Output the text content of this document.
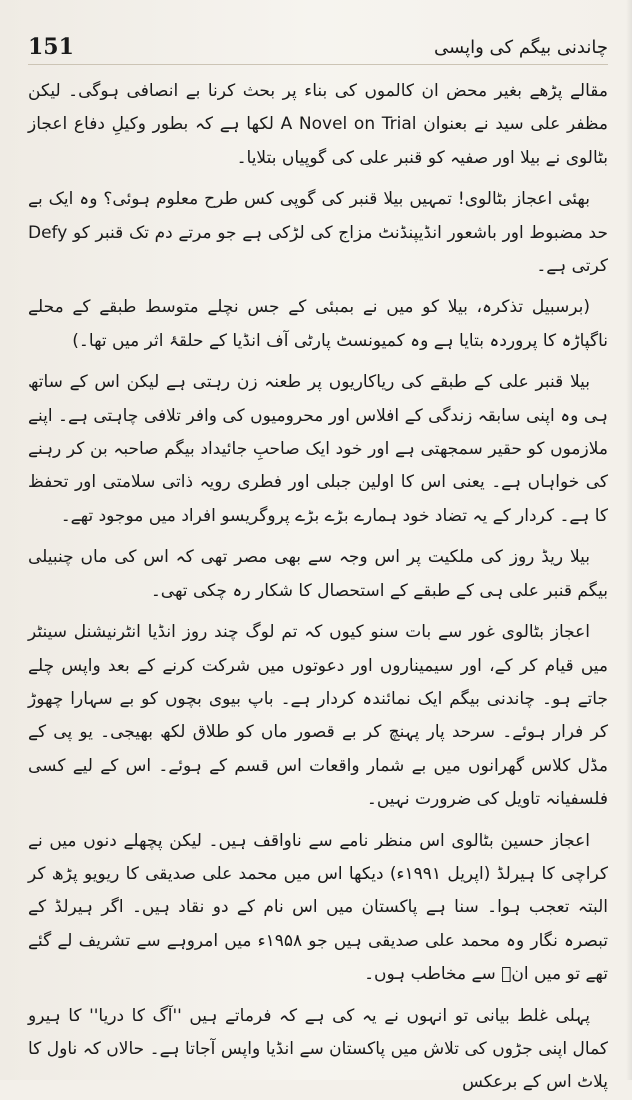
151	چاندنی بیگم کی واپسی

مقالے پڑھے بغیر محض ان کالموں کی بناء پر بحث کرنا بے انصافی ہوگی۔ لیکن مظفر علی سید نے بعنوان A Novel on Trial لکھا ہے کہ بطور وکیلِ دفاع اعجاز بٹالوی نے بیلا اور صفیہ کو قنبر علی کی گوپیاں بتلایا۔

بھئی اعجاز بٹالوی! تمہیں بیلا قنبر کی گوپی کس طرح معلوم ہوئی؟ وہ ایک بے حد مضبوط اور باشعور انڈیپنڈنٹ مزاج کی لڑکی ہے جو مرتے دم تک قنبر کو Defy کرتی ہے۔

(برسبیل تذکرہ، بیلا کو میں نے بمبئی کے جس نچلے متوسط طبقے کے محلے ناگپاڑہ کا پروردہ بتایا ہے وہ کمیونسٹ پارٹی آف انڈیا کے حلقۂ اثر میں تھا۔)

بیلا قنبر علی کے طبقے کی ریاکاریوں پر طعنہ زن رہتی ہے لیکن اس کے ساتھ ہی وہ اپنی سابقہ زندگی کے افلاس اور محرومیوں کی وافر تلافی چاہتی ہے۔ اپنے ملازموں کو حقیر سمجھتی ہے اور خود ایک صاحبِ جائیداد بیگم صاحبہ بن کر رہنے کی خواہاں ہے۔ یعنی اس کا اولین جبلی اور فطری رویہ ذاتی سلامتی اور تحفظ کا ہے۔ کردار کے یہ تضاد خود ہمارے بڑے بڑے پروگریسو افراد میں موجود تھے۔

بیلا ریڈ روز کی ملکیت پر اس وجہ سے بھی مصر تھی کہ اس کی ماں چنبیلی بیگم قنبر علی ہی کے طبقے کے استحصال کا شکار رہ چکی تھی۔

اعجاز بٹالوی غور سے بات سنو کیوں کہ تم لوگ چند روز انڈیا انٹرنیشنل سینٹر میں قیام کر کے، اور سیمیناروں اور دعوتوں میں شرکت کرنے کے بعد واپس چلے جاتے ہو۔ چاندنی بیگم ایک نمائندہ کردار ہے۔ باپ بیوی بچوں کو بے سہارا چھوڑ کر فرار ہوئے۔ سرحد پار پہنچ کر بے قصور ماں کو طلاق لکھ بھیجی۔ یو پی کے مڈل کلاس گھرانوں میں بے شمار واقعات اس قسم کے ہوئے۔ اس کے لیے کسی فلسفیانہ تاویل کی ضرورت نہیں۔

اعجاز حسین بٹالوی اس منظر نامے سے ناواقف ہیں۔ لیکن پچھلے دنوں میں نے کراچی کا ہیرلڈ (اپریل ۱۹۹۱ء) دیکھا اس میں محمد علی صدیقی کا ریویو پڑھ کر البتہ تعجب ہوا۔ سنا ہے پاکستان میں اس نام کے دو نقاد ہیں۔ اگر ہیرلڈ کے تبصرہ نگار وہ محمد علی صدیقی ہیں جو ۱۹۵۸ء میں امروہے سے تشریف لے گئے تھے تو میں انؔ سے مخاطب ہوں۔

پہلی غلط بیانی تو انہوں نے یہ کی ہے کہ فرماتے ہیں ''آگ کا دریا'' کا ہیرو کمال اپنی جڑوں کی تلاش میں پاکستان سے انڈیا واپس آجاتا ہے۔ حالاں کہ ناول کا پلاٹ اس کے برعکس
